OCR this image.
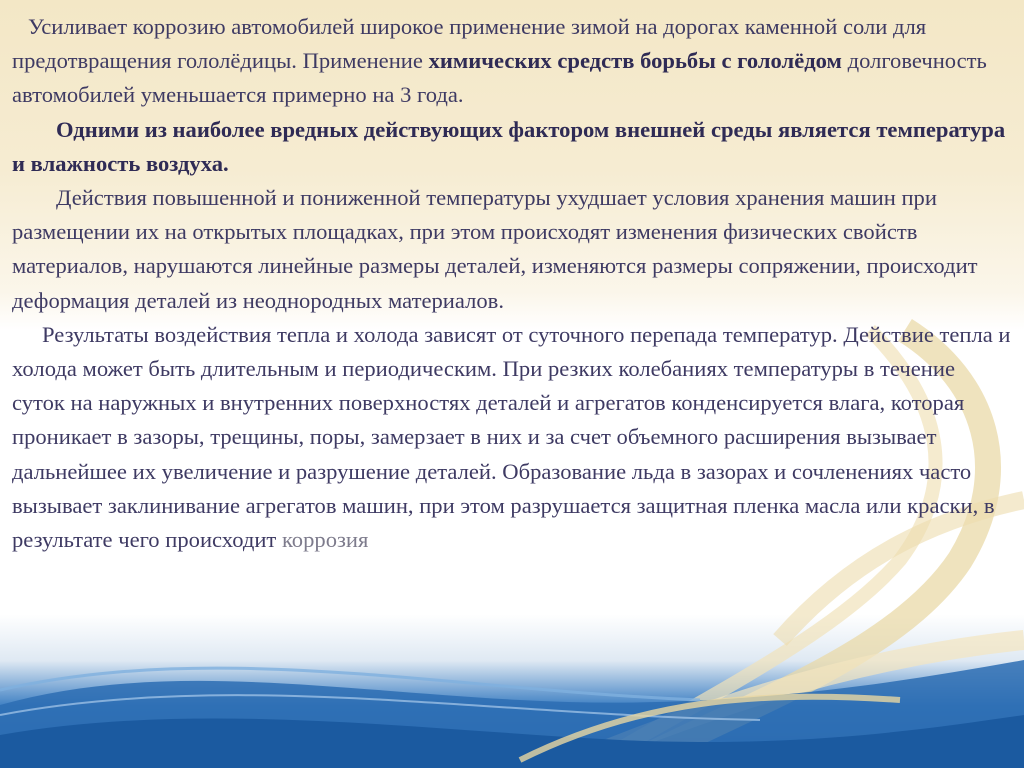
Усиливает коррозию автомобилей широкое применение зимой на дорогах каменной соли для предотвращения гололёдицы. Применение химических средств борьбы с гололёдом долговечность автомобилей уменьшается примерно на 3 года.

Одними из наиболее вредных действующих фактором внешней среды является температура и влажность воздуха.

Действия повышенной и пониженной температуры ухудшает условия хранения машин при размещении их на открытых площадках, при этом происходят изменения физических свойств материалов, нарушаются линейные размеры деталей, изменяются размеры сопряжении, происходит деформация деталей из неоднородных материалов.

Результаты воздействия тепла и холода зависят от суточного перепада температур. Действие тепла и холода может быть длительным и периодическим. При резких колебаниях температуры в течение суток на наружных и внутренних поверхностях деталей и агрегатов конденсируется влага, которая проникает в зазоры, трещины, поры, замерзает в них и за счет объемного расширения вызывает дальнейшее их увеличение и разрушение деталей. Образование льда в зазорах и сочленениях часто вызывает заклинивание агрегатов машин, при этом разрушается защитная пленка масла или краски, в результате чего происходит коррозия
